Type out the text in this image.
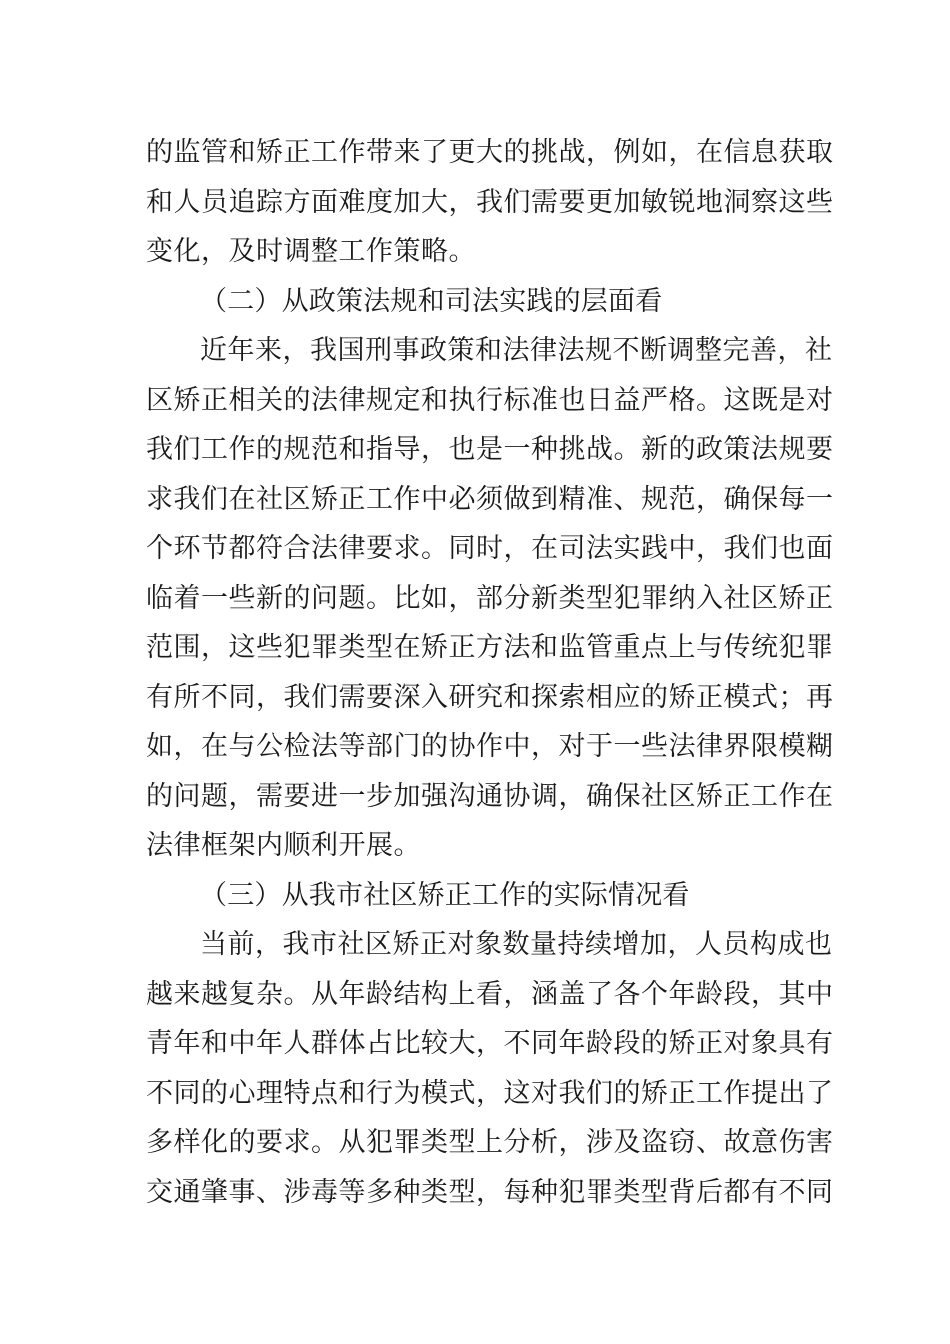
的监管和矫正工作带来了更大的挑战，例如，在信息获取
和人员追踪方面难度加大，我们需要更加敏锐地洞察这些
变化，及时调整工作策略。
（二）从政策法规和司法实践的层面看
近年来，我国刑事政策和法律法规不断调整完善，社
区矫正相关的法律规定和执行标准也日益严格。这既是对
我们工作的规范和指导，也是一种挑战。新的政策法规要
求我们在社区矫正工作中必须做到精准、规范，确保每一
个环节都符合法律要求。同时，在司法实践中，我们也面
临着一些新的问题。比如，部分新类型犯罪纳入社区矫正
范围，这些犯罪类型在矫正方法和监管重点上与传统犯罪
有所不同，我们需要深入研究和探索相应的矫正模式；再
如，在与公检法等部门的协作中，对于一些法律界限模糊
的问题，需要进一步加强沟通协调，确保社区矫正工作在
法律框架内顺利开展。
（三）从我市社区矫正工作的实际情况看
当前，我市社区矫正对象数量持续增加，人员构成也
越来越复杂。从年龄结构上看，涵盖了各个年龄段，其中
青年和中年人群体占比较大，不同年龄段的矫正对象具有
不同的心理特点和行为模式，这对我们的矫正工作提出了
多样化的要求。从犯罪类型上分析，涉及盗窃、故意伤害
交通肇事、涉毒等多种类型，每种犯罪类型背后都有不同
